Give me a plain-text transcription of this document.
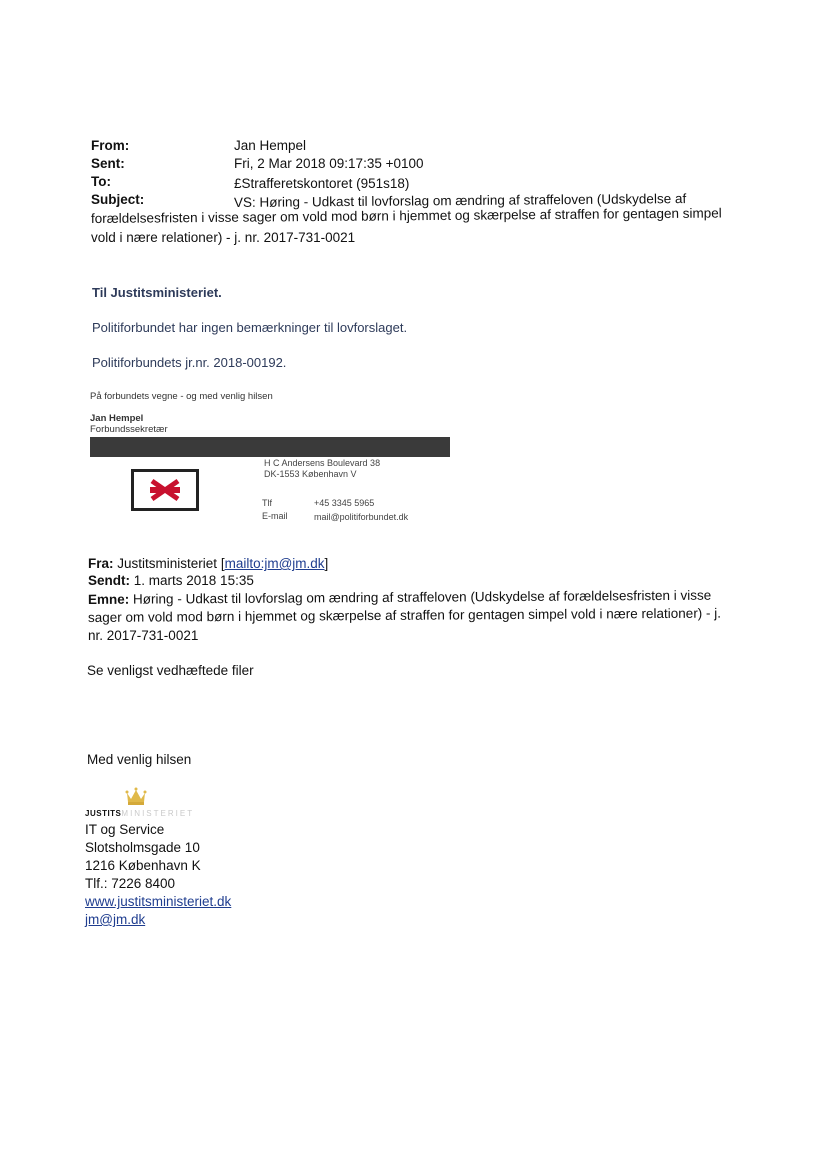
From:	Jan Hempel
Sent:	Fri, 2 Mar 2018 09:17:35 +0100
To:	£Strafferetskontoret (951s18)
Subject:	VS: Høring - Udkast til lovforslag om ændring af straffeloven (Udskydelse af
forældelsesfristen i visse sager om vold mod børn i hjemmet og skærpelse af straffen for gentagen simpel
vold i nære relationer) - j. nr. 2017-731-0021
Til Justitsministeriet.
Politiforbundet har ingen bemærkninger til lovforslaget.
Politiforbundets jr.nr. 2018-00192.
På forbundets vegne - og med venlig hilsen
Jan Hempel
Forbundssekretær
H C Andersens Boulevard 38
DK-1553 København V
Tlf	+45 3345 5965
E-mail	mail@politiforbundet.dk
Fra: Justitsministeriet [mailto:jm@jm.dk]
Sendt: 1. marts 2018 15:35
Emne: Høring - Udkast til lovforslag om ændring af straffeloven (Udskydelse af forældelsesfristen i visse
sager om vold mod børn i hjemmet og skærpelse af straffen for gentagen simpel vold i nære relationer) - j.
nr. 2017-731-0021
Se venligst vedhæftede filer
Med venlig hilsen
JUSTITSMINISTERIET
IT og Service
Slotsholmsgade 10
1216 København K
Tlf.: 7226 8400
www.justitsministeriet.dk
jm@jm.dk
